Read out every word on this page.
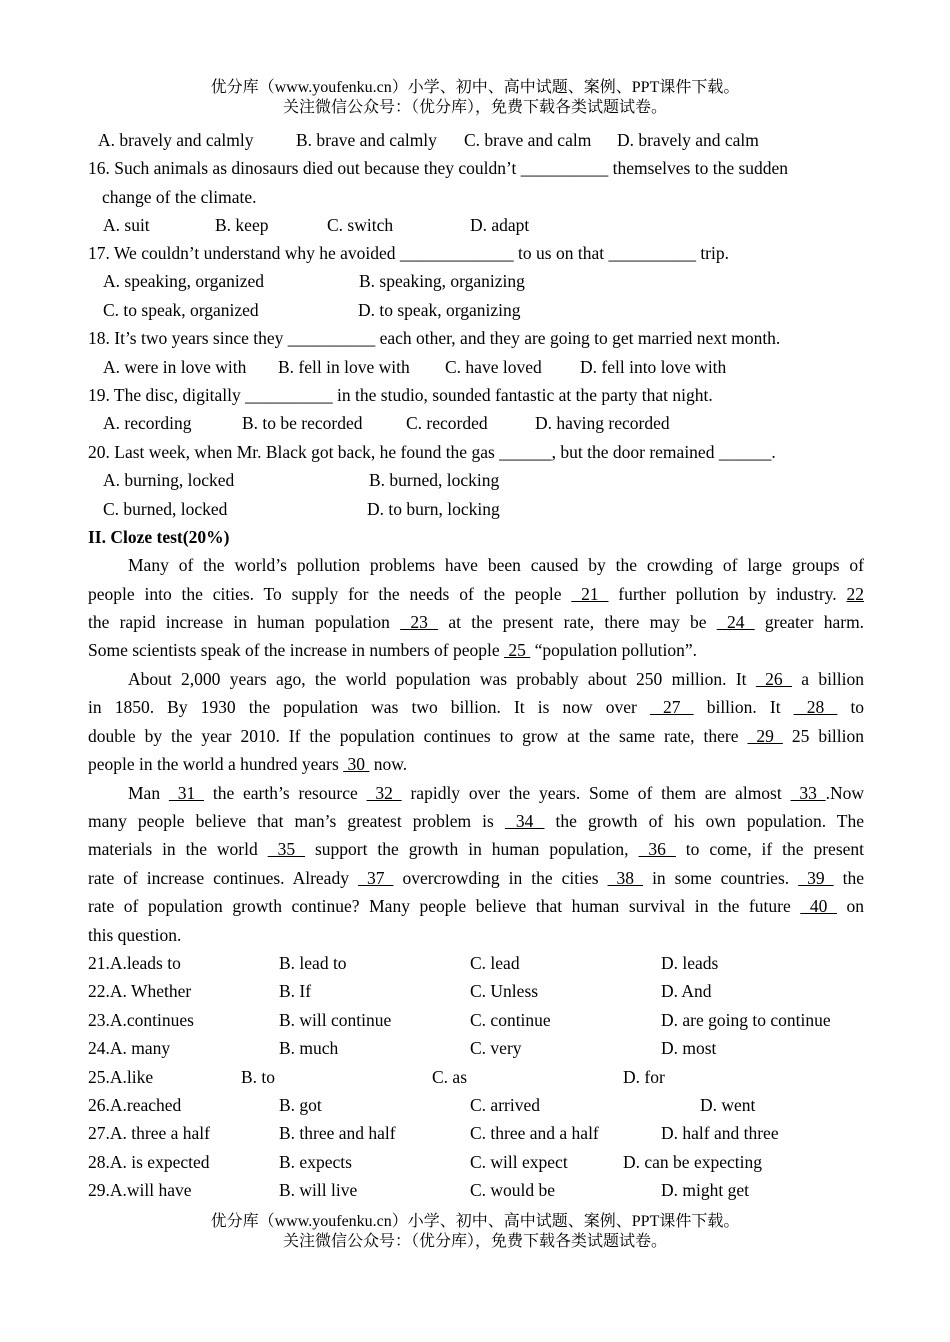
优分库（www.youfenku.cn）小学、初中、高中试题、案例、PPT课件下载。
关注微信公众号：（优分库），免费下载各类试题试卷。
A. bravely and calmly B. brave and calmly C. brave and calm D. bravely and calm
16. Such animals as dinosaurs died out because they couldn’t __________ themselves to the sudden
change of the climate.
A. suit	B. keep	C. switch	D. adapt
17. We couldn’t understand why he avoided _____________ to us on that __________ trip.
A. speaking, organized	B. speaking, organizing
C. to speak, organized	D. to speak, organizing
18. It’s two years since they __________ each other, and they are going to get married next month.
A. were in love with B. fell in love with C. have loved D. fell into love with
19. The disc, digitally __________ in the studio, sounded fantastic at the party that night.
A. recording	B. to be recorded C. recorded	D. having recorded
20. Last week, when Mr. Black got back, he found the gas ______, but the door remained ______.
A. burning, locked	B. burned, locking
C. burned, locked	D. to burn, locking
II. Cloze test(20%)
Many of the world’s pollution problems have been caused by the crowding of large groups of
people into the cities. To supply for the needs of the people  21  further pollution by industry. 22
the rapid increase in human population  23  at the present rate, there may be  24  greater harm.
Some scientists speak of the increase in numbers of people  25  “population pollution”.
About 2,000 years ago, the world population was probably about 250 million. It  26  a billion
in 1850. By 1930 the population was two billion. It is now over  27  billion. It  28  to
double by the year 2010. If the population continues to grow at the same rate, there  29  25 billion
people in the world a hundred years  30  now.
Man  31  the earth’s resource  32  rapidly over the years. Some of them are almost  33 .Now
many people believe that man’s greatest problem is  34  the growth of his own population. The
materials in the world  35  support the growth in human population,  36  to come, if the present
rate of increase continues. Already  37  overcrowding in the cities  38  in some countries.  39  the
rate of population growth continue? Many people believe that human survival in the future  40  on
this question.
21.A.leads to	B. lead to	C. lead	D. leads
22.A. Whether	B. If	C. Unless	D. And
23.A.continues	B. will continue	C. continue	D. are going to continue
24.A. many	B. much	C. very	D. most
25.A.like	B. to	C. as	D. for
26.A.reached	B. got	C. arrived	D. went
27.A. three a half	B. three and half	C. three and a half	D. half and three
28.A. is expected	B. expects	C. will expect	D. can be expecting
29.A.will have	B. will live	C. would be	D. might get
优分库（www.youfenku.cn）小学、初中、高中试题、案例、PPT课件下载。
关注微信公众号：（优分库），免费下载各类试题试卷。
